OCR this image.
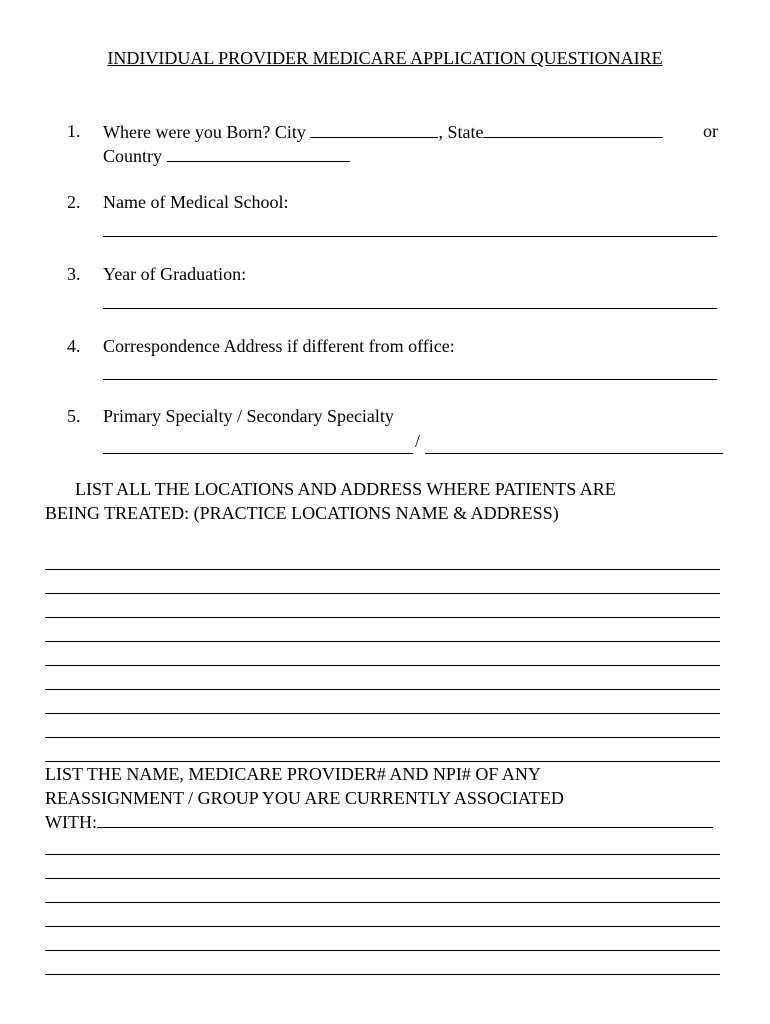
INDIVIDUAL PROVIDER MEDICARE APPLICATION QUESTIONAIRE
1. Where were you Born? City	, State	or
Country
2. Name of Medical School:
3. Year of Graduation:
4. Correspondence Address if different from office:
5. Primary Specialty / Secondary Specialty
/
LIST ALL THE LOCATIONS AND ADDRESS WHERE PATIENTS ARE
BEING TREATED: (PRACTICE LOCATIONS NAME & ADDRESS)
LIST THE NAME, MEDICARE PROVIDER# AND NPI# OF ANY
REASSIGNMENT / GROUP YOU ARE CURRENTLY ASSOCIATED
WITH:
